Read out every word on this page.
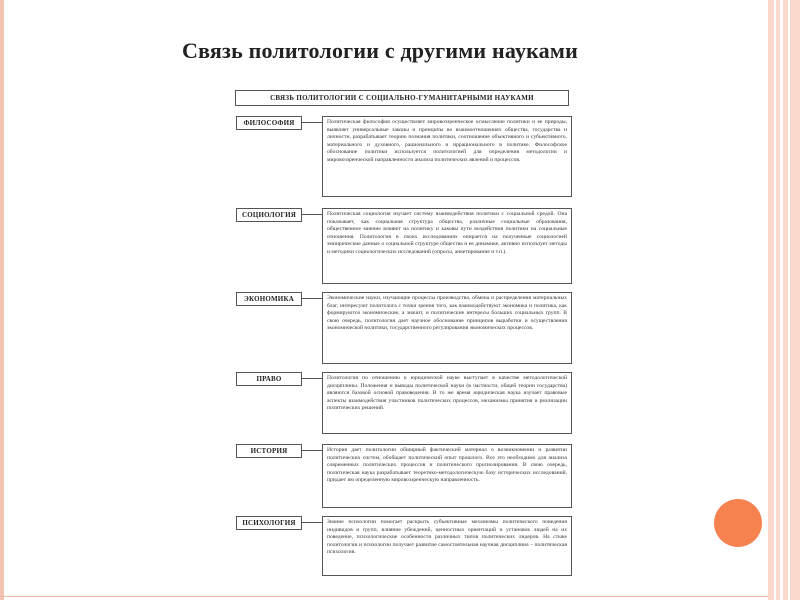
Связь политологии с другими науками
СВЯЗЬ ПОЛИТОЛОГИИ С СОЦИАЛЬНО-ГУМАНИТАРНЫМИ НАУКАМИ
ФИЛОСОФИЯ	Политическая философия осуществляет мировоззренческое осмысление политики и ее природы, выявляет универсальные законы и принципы во взаимоотношениях общества, государства и личности, разрабатывает теорию познания политики, соотношение объективного и субъективного, материального и духовного, рационального и иррационального в политике. Философское обоснование политики используется политологией для определения методологии и мировоззренческой направленности анализа политических явлений и процессов.
СОЦИОЛОГИЯ	Политическая социология изучает систему взаимодействия политики с социальной средой. Она показывает, как социальная структура общества, различные социальные образования, общественное мнение влияют на политику и каковы пути воздействия политики на социальные отношения. Политология в своих исследованиях опирается на полученные социологией эмпирические данные о социальной структуре общества и ее динамике, активно использует методы и методики социологических исследований (опросы, анкетирование и т.п.).
ЭКОНОМИКА	Экономические науки, изучающие процессы производства, обмена и распределения материальных благ, интересуют политолога с точки зрения того, как взаимодействуют экономика и политика, как формируются экономические, а значит, и политические интересы больших социальных групп. В свою очередь, политология дает научное обоснование принципов выработки и осуществления экономической политики, государственного регулирования экономических процессов.
ПРАВО	Политология по отношению к юридической науке выступает в качестве методологической дисциплины. Положения и выводы политической науки (в частности, общей теории государства) являются базовой основой правоведения. В то же время юридическая наука изучает правовые аспекты взаимодействия участников политических процессов, механизмы принятия и реализации политических решений.
ИСТОРИЯ	История дает политологии обширный фактический материал о возникновении и развитии политических систем, обобщает политический опыт прошлого. Все это необходимо для анализа современных политических процессов и политического прогнозирования. В свою очередь, политическая наука разрабатывает теоретико-методологическую базу исторических исследований, придает им определенную мировоззренческую направленность.
ПСИХОЛОГИЯ	Знание психологии помогает раскрыть субъективные механизмы политического поведения индивидов и групп, влияние убеждений, ценностных ориентаций и установок людей на их поведение, психологические особенности различных типов политических лидеров. На стыке политологии и психологии получает развитие самостоятельная научная дисциплина – политическая психология.
